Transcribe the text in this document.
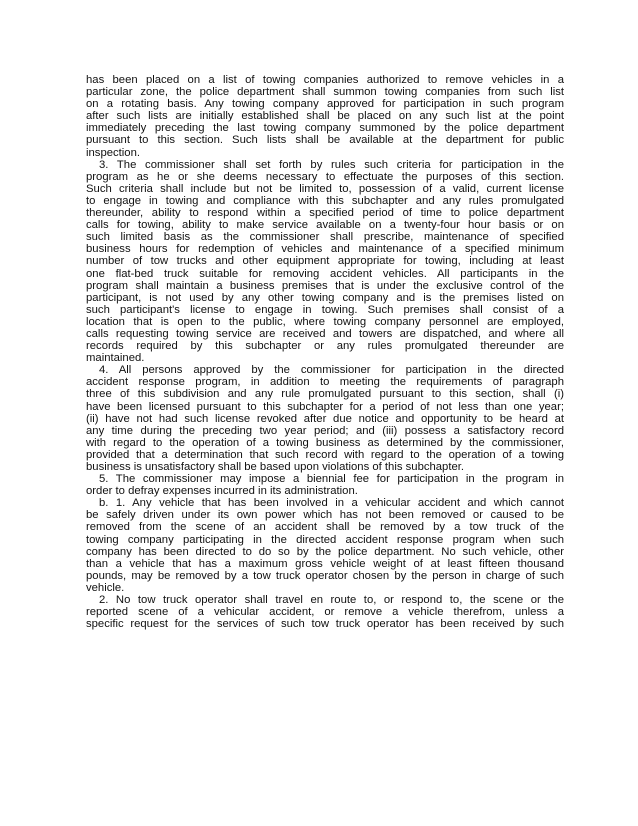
has been placed on a list of towing companies authorized to remove vehicles in a
particular zone, the police department shall summon towing companies from such list
on a rotating basis. Any towing company approved for participation in such program
after such lists are initially established shall be placed on any such list at the point
immediately preceding the last towing company summoned by the police department
pursuant to this section. Such lists shall be available at the department for public
inspection.
3. The commissioner shall set forth by rules such criteria for participation in the
program as he or she deems necessary to effectuate the purposes of this section.
Such criteria shall include but not be limited to, possession of a valid, current license
to engage in towing and compliance with this subchapter and any rules promulgated
thereunder, ability to respond within a specified period of time to police department
calls for towing, ability to make service available on a twenty-four hour basis or on
such limited basis as the commissioner shall prescribe, maintenance of specified
business hours for redemption of vehicles and maintenance of a specified minimum
number of tow trucks and other equipment appropriate for towing, including at least
one flat-bed truck suitable for removing accident vehicles. All participants in the
program shall maintain a business premises that is under the exclusive control of the
participant, is not used by any other towing company and is the premises listed on
such participant's license to engage in towing. Such premises shall consist of a
location that is open to the public, where towing company personnel are employed,
calls requesting towing service are received and towers are dispatched, and where all
records required by this subchapter or any rules promulgated thereunder are
maintained.
4. All persons approved by the commissioner for participation in the directed
accident response program, in addition to meeting the requirements of paragraph
three of this subdivision and any rule promulgated pursuant to this section, shall (i)
have been licensed pursuant to this subchapter for a period of not less than one year;
(ii) have not had such license revoked after due notice and opportunity to be heard at
any time during the preceding two year period; and (iii) possess a satisfactory record
with regard to the operation of a towing business as determined by the commissioner,
provided that a determination that such record with regard to the operation of a towing
business is unsatisfactory shall be based upon violations of this subchapter.
5. The commissioner may impose a biennial fee for participation in the program in
order to defray expenses incurred in its administration.
b. 1. Any vehicle that has been involved in a vehicular accident and which cannot
be safely driven under its own power which has not been removed or caused to be
removed from the scene of an accident shall be removed by a tow truck of the
towing company participating in the directed accident response program when such
company has been directed to do so by the police department. No such vehicle, other
than a vehicle that has a maximum gross vehicle weight of at least fifteen thousand
pounds, may be removed by a tow truck operator chosen by the person in charge of such
vehicle.
2. No tow truck operator shall travel en route to, or respond to, the scene or the
reported scene of a vehicular accident, or remove a vehicle therefrom, unless a
specific request for the services of such tow truck operator has been received by such
